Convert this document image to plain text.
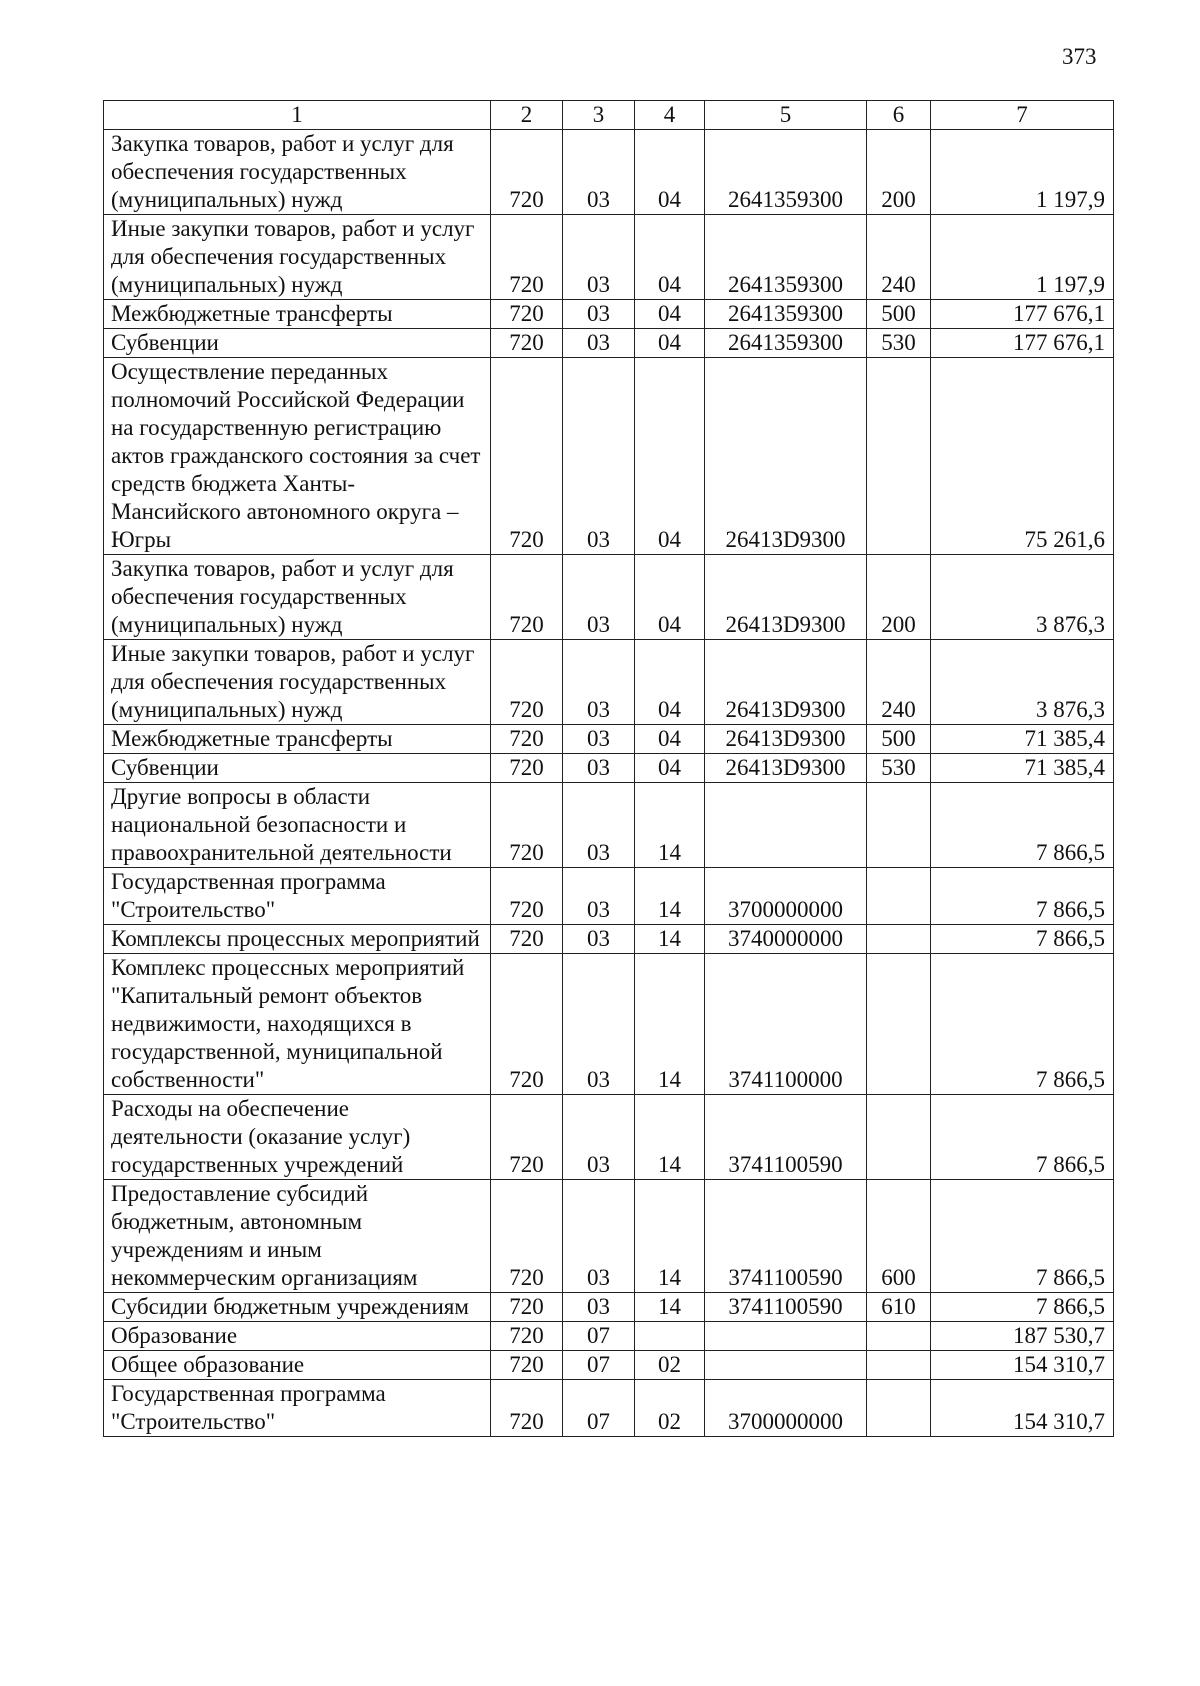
373
1	2	3	4	5	6	7
Закупка товаров, работ и услуг для обеспечения государственных (муниципальных) нужд	720	03	04	2641359300	200	1 197,9
Иные закупки товаров, работ и услуг для обеспечения государственных (муниципальных) нужд	720	03	04	2641359300	240	1 197,9
Межбюджетные трансферты	720	03	04	2641359300	500	177 676,1
Субвенции	720	03	04	2641359300	530	177 676,1
Осуществление переданных полномочий Российской Федерации на государственную регистрацию актов гражданского состояния за счет средств бюджета Ханты-Мансийского автономного округа – Югры	720	03	04	26413D9300		75 261,6
Закупка товаров, работ и услуг для обеспечения государственных (муниципальных) нужд	720	03	04	26413D9300	200	3 876,3
Иные закупки товаров, работ и услуг для обеспечения государственных (муниципальных) нужд	720	03	04	26413D9300	240	3 876,3
Межбюджетные трансферты	720	03	04	26413D9300	500	71 385,4
Субвенции	720	03	04	26413D9300	530	71 385,4
Другие вопросы в области национальной безопасности и правоохранительной деятельности	720	03	14			7 866,5
Государственная программа "Строительство"	720	03	14	3700000000		7 866,5
Комплексы процессных мероприятий	720	03	14	3740000000		7 866,5
Комплекс процессных мероприятий "Капитальный ремонт объектов недвижимости, находящихся в государственной, муниципальной собственности"	720	03	14	3741100000		7 866,5
Расходы на обеспечение деятельности (оказание услуг) государственных учреждений	720	03	14	3741100590		7 866,5
Предоставление субсидий бюджетным, автономным учреждениям и иным некоммерческим организациям	720	03	14	3741100590	600	7 866,5
Субсидии бюджетным учреждениям	720	03	14	3741100590	610	7 866,5
Образование	720	07				187 530,7
Общее образование	720	07	02			154 310,7
Государственная программа "Строительство"	720	07	02	3700000000		154 310,7
